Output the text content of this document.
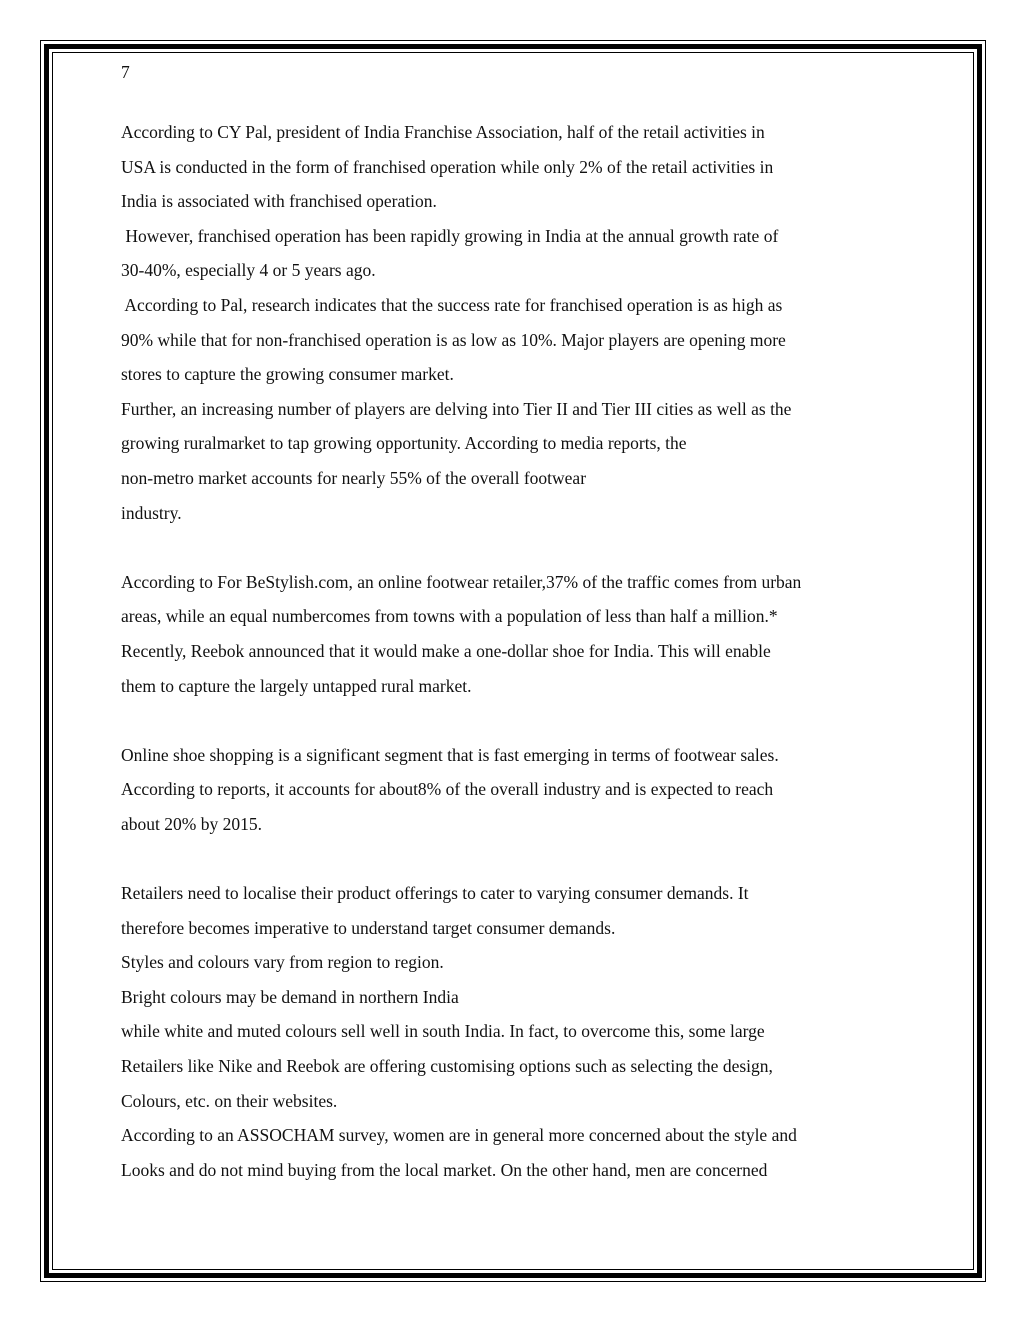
7
According to CY Pal, president of India Franchise Association, half of the retail activities in
USA is conducted in the form of franchised operation while only 2% of the retail activities in
India is associated with franchised operation.
However, franchised operation has been rapidly growing in India at the annual growth rate of
30-40%, especially 4 or 5 years ago.
According to Pal, research indicates that the success rate for franchised operation is as high as
90% while that for non-franchised operation is as low as 10%. Major players are opening more
stores to capture the growing consumer market.
Further, an increasing number of players are delving into Tier II and Tier III cities as well as the
growing ruralmarket to tap growing opportunity. According to media reports, the
non-metro market accounts for nearly 55% of the overall footwear
industry.
According to For BeStylish.com, an online footwear retailer,37% of the traffic comes from urban
areas, while an equal numbercomes from towns with a population of less than half a million.*
Recently, Reebok announced that it would make a one-dollar shoe for India. This will enable
them to capture the largely untapped rural market.
Online shoe shopping is a significant segment that is fast emerging in terms of footwear sales.
According to reports, it accounts for about8% of the overall industry and is expected to reach
about 20% by 2015.
Retailers need to localise their product offerings to cater to varying consumer demands. It
therefore becomes imperative to understand target consumer demands.
Styles and colours vary from region to region.
Bright colours may be demand in northern India
while white and muted colours sell well in south India. In fact, to overcome this, some large
Retailers like Nike and Reebok are offering customising options such as selecting the design,
Colours, etc. on their websites.
According to an ASSOCHAM survey, women are in general more concerned about the style and
Looks and do not mind buying from the local market. On the other hand, men are concerned
